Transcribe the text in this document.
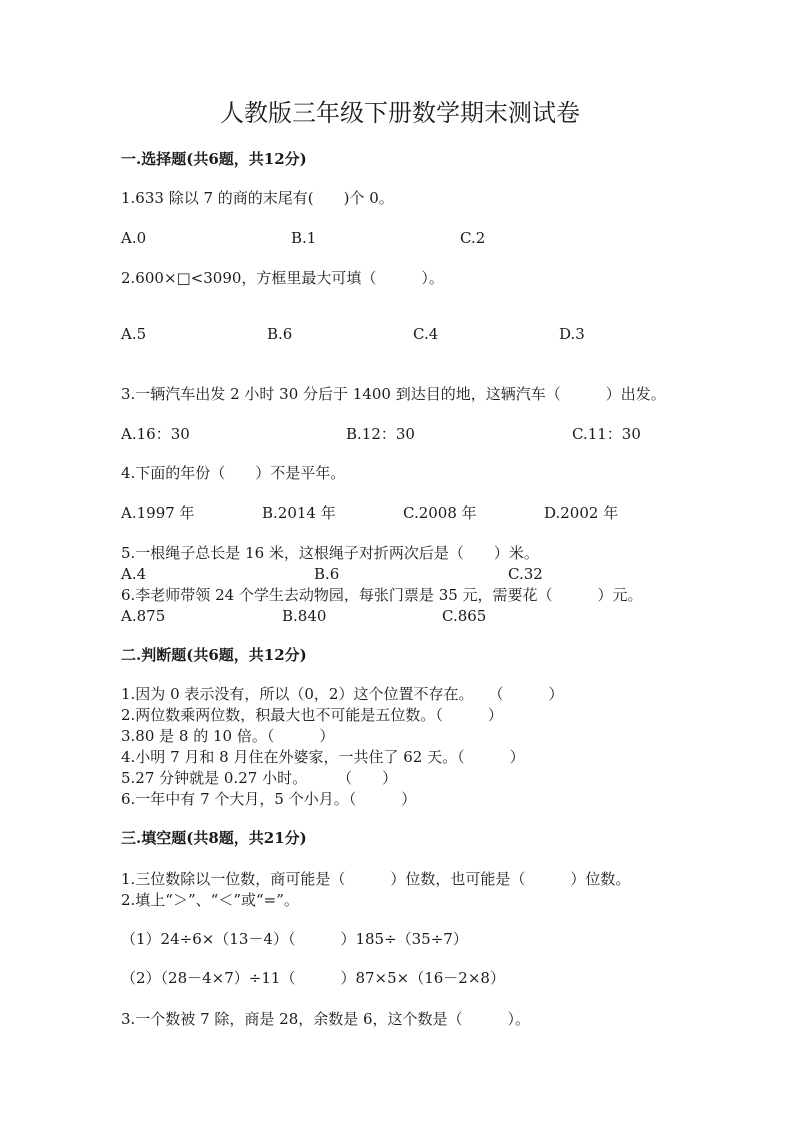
人教版三年级下册数学期末测试卷
一.选择题(共6题，共12分)
1.633 除以 7 的商的末尾有(　　)个 0。
A.0	B.1	C.2
2.600×□<3090，方框里最大可填（　　　）。
A.5	B.6	C.4	D.3
3.一辆汽车出发 2 小时 30 分后于 1400 到达目的地，这辆汽车（　　　）出发。
A.16：30	B.12：30	C.11：30
4.下面的年份（　　）不是平年。
A.1997 年	B.2014 年	C.2008 年	D.2002 年
5.一根绳子总长是 16 米，这根绳子对折两次后是（　　）米。
A.4	B.6	C.32
6.李老师带领 24 个学生去动物园，每张门票是 35 元，需要花（　　　）元。
A.875	B.840	C.865
二.判断题(共6题，共12分)
1.因为 0 表示没有，所以（0，2）这个位置不存在。　　（　　　）
2.两位数乘两位数，积最大也不可能是五位数。（　　　）
3.80 是 8 的 10 倍。（　　　）
4.小明 7 月和 8 月住在外婆家，一共住了 62 天。（　　　）
5.27 分钟就是 0.27 小时。　　　（　　）
6.一年中有 7 个大月，5 个小月。（　　　）
三.填空题(共8题，共21分)
1.三位数除以一位数，商可能是（　　　）位数，也可能是（　　　）位数。
2.填上“＞”、“＜”或“=”。
（1）24÷6×（13－4）（　　　）185÷（35÷7）
（2）（28－4×7）÷11（　　　）87×5×（16－2×8）
3.一个数被 7 除，商是 28，余数是 6，这个数是（　　　）。
